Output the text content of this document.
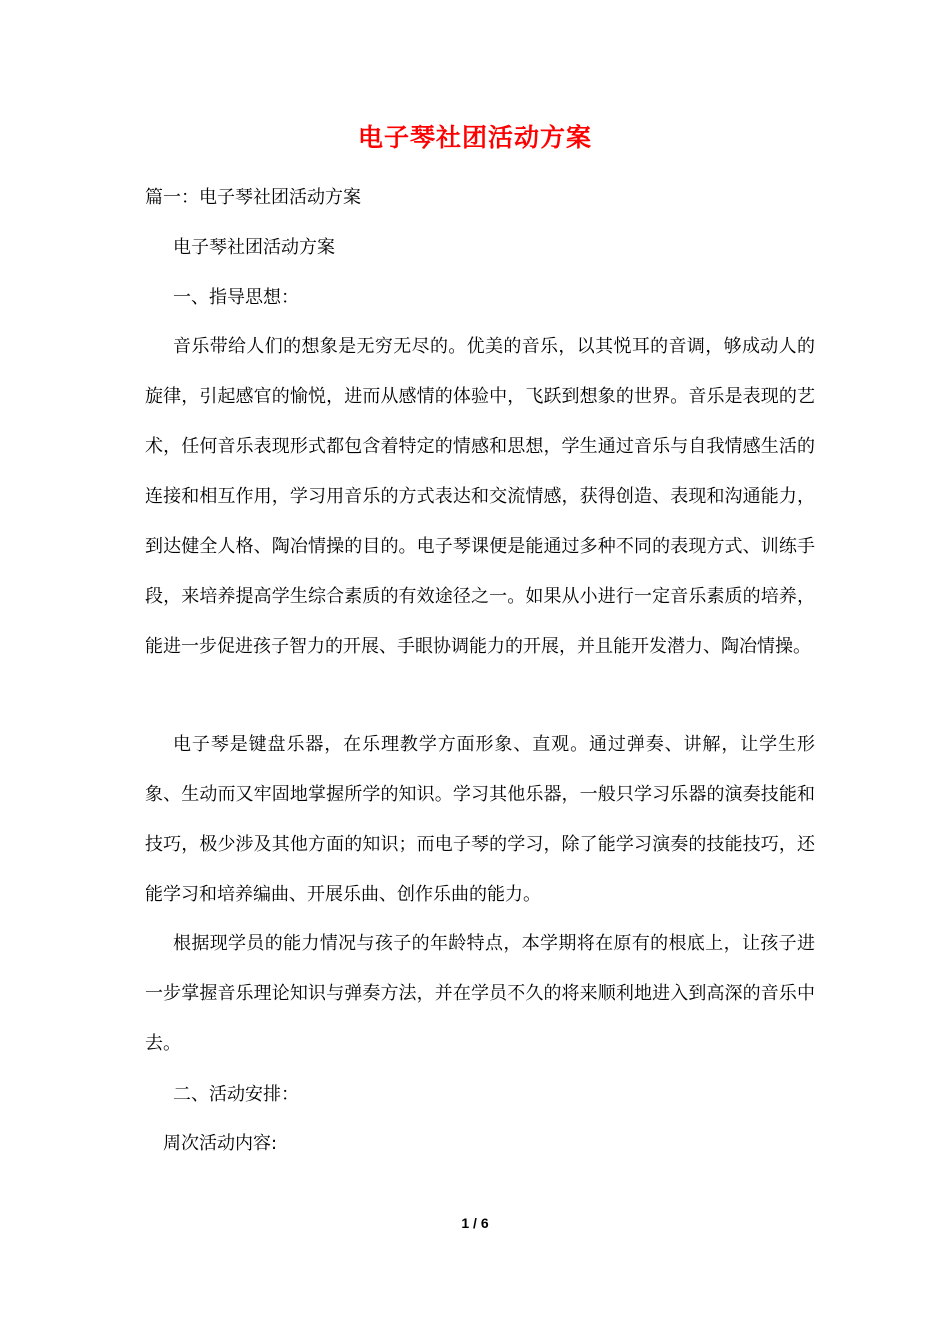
电子琴社团活动方案
篇一：电子琴社团活动方案
电子琴社团活动方案
一、指导思想：

音乐带给人们的想象是无穷无尽的。优美的音乐，以其悦耳的音调，够成动人的旋律，引起感官的愉悦，进而从感情的体验中，飞跃到想象的世界。音乐是表现的艺术，任何音乐表现形式都包含着特定的情感和思想，学生通过音乐与自我情感生活的连接和相互作用，学习用音乐的方式表达和交流情感，获得创造、表现和沟通能力，到达健全人格、陶冶情操的目的。电子琴课便是能通过多种不同的表现方式、训练手段，来培养提高学生综合素质的有效途径之一。如果从小进行一定音乐素质的培养，能进一步促进孩子智力的开展、手眼协调能力的开展，并且能开发潜力、陶冶情操。

电子琴是键盘乐器，在乐理教学方面形象、直观。通过弹奏、讲解，让学生形象、生动而又牢固地掌握所学的知识。学习其他乐器，一般只学习乐器的演奏技能和技巧，极少涉及其他方面的知识；而电子琴的学习，除了能学习演奏的技能技巧，还能学习和培养编曲、开展乐曲、创作乐曲的能力。

根据现学员的能力情况与孩子的年龄特点，本学期将在原有的根底上，让孩子进一步掌握音乐理论知识与弹奏方法，并在学员不久的将来顺利地进入到高深的音乐中去。

二、活动安排：
周次活动内容:
1 / 6
